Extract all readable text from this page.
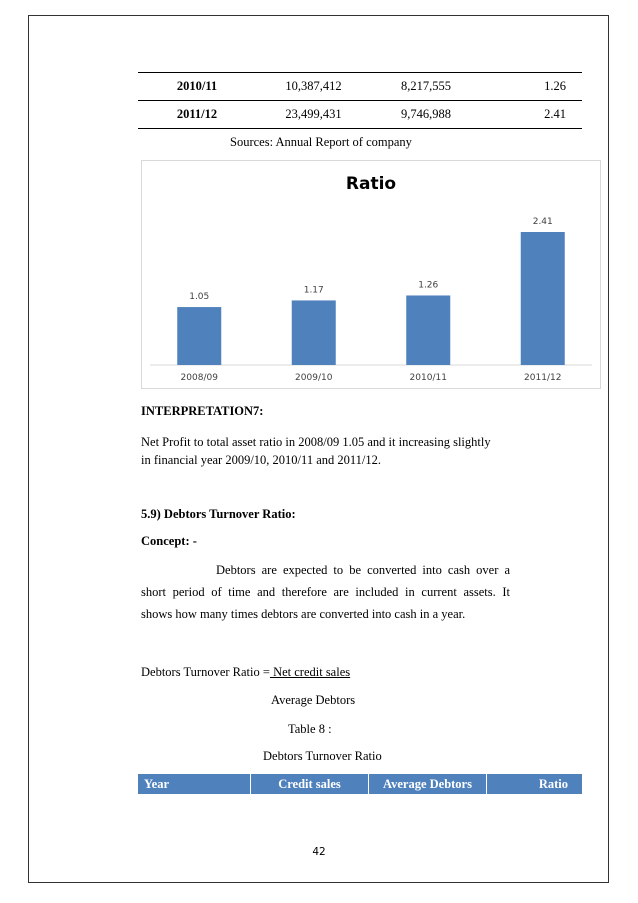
2010/11	10,387,412	8,217,555	1.26
2011/12	23,499,431	9,746,988	2.41
Sources: Annual Report of company
Ratio
1.05
2008/09
1.17
2009/10
1.26
2010/11
2.41
2011/12
INTERPRETATION7:
Net Profit to total asset ratio in 2008/09 1.05 and it increasing slightly
in financial year 2009/10, 2010/11 and 2011/12.
5.9) Debtors Turnover Ratio:
Concept: -
Debtors are expected to be converted into cash over a
short period of time and therefore are included in current assets. It
shows how many times debtors are converted into cash in a year.
Debtors Turnover Ratio = Net credit sales
Average Debtors
Table 8 :
Debtors Turnover Ratio
Year	Credit sales	Average Debtors	Ratio
42
